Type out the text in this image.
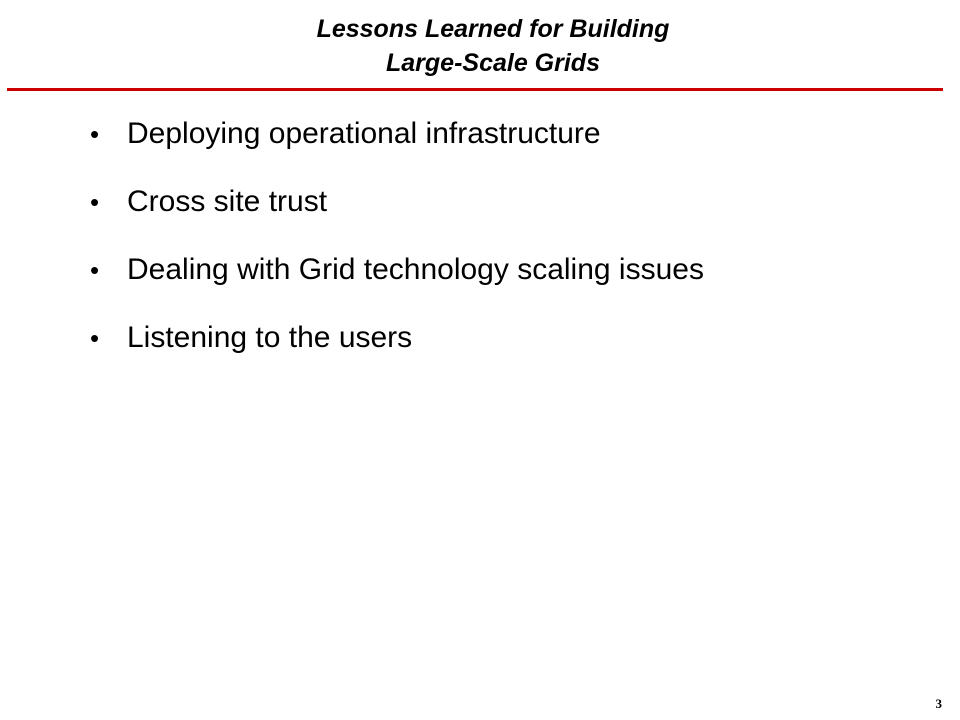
Lessons Learned for Building
Large-Scale Grids
• Deploying operational infrastructure
• Cross site trust
• Dealing with Grid technology scaling issues
• Listening to the users
3
